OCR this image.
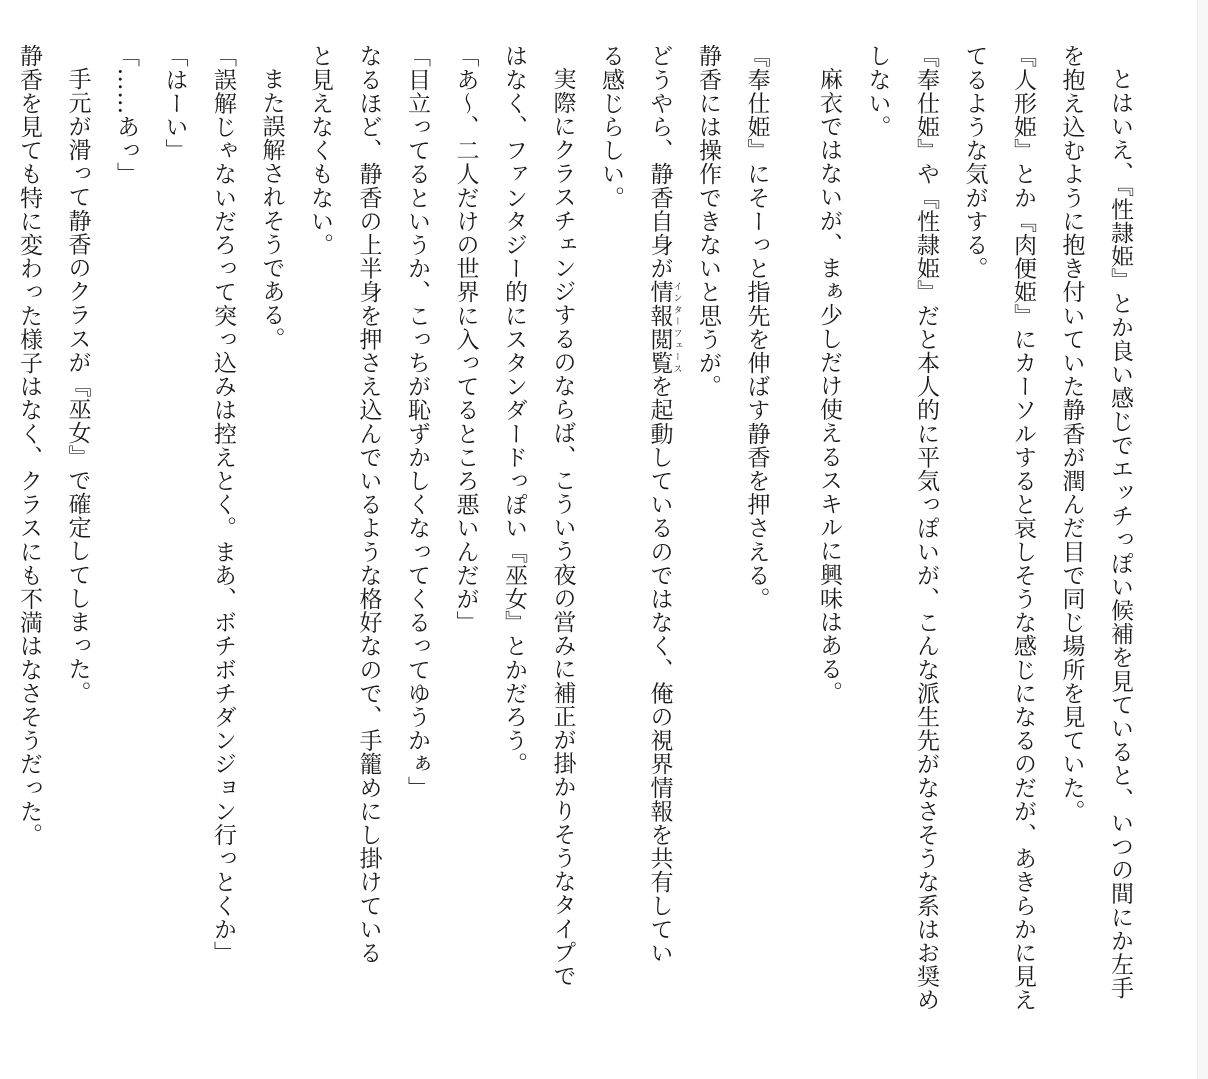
とはいえ、『性隷姫』とか良い感じでエッチっぽい候補を見ていると、いつの間にか左手

を抱え込むように抱き付いていた静香が潤んだ目で同じ場所を見ていた。

『人形姫』とか『肉便姫』にカーソルすると哀しそうな感じになるのだが、あきらかに見え

てるような気がする。

『奉仕姫』や『性隷姫』だと本人的に平気っぽいが、こんな派生先がなさそうな系はお奨め

しない。

麻衣ではないが、まぁ少しだけ使えるスキルに興味はある。

『奉仕姫』にそーっと指先を伸ばす静香を押さえる。

静香には操作できないと思うが。

どうやら、静香自身が情報閲覧 インターフェースを起動しているのではなく、俺の視界情報を共有してい

る感じらしい。

実際にクラスチェンジするのならば、こういう夜の営みに補正が掛かりそうなタイプで

はなく、ファンタジー的にスタンダードっぽい『巫女』とかだろう。

「あ～、二人だけの世界に入ってるところ悪いんだが」

「目立ってるというか、こっちが恥ずかしくなってくるってゆうかぁ」

なるほど、静香の上半身を押さえ込んでいるような格好なので、手籠めにし掛けている

と見えなくもない。

また誤解されそうである。

「誤解じゃないだろって突っ込みは控えとく。まあ、ボチボチダンジョン行っとくか」

「はーい」

「……あっ」

手元が滑って静香のクラスが『巫女』で確定してしまった。

静香を見ても特に変わった様子はなく、クラスにも不満はなさそうだった。
